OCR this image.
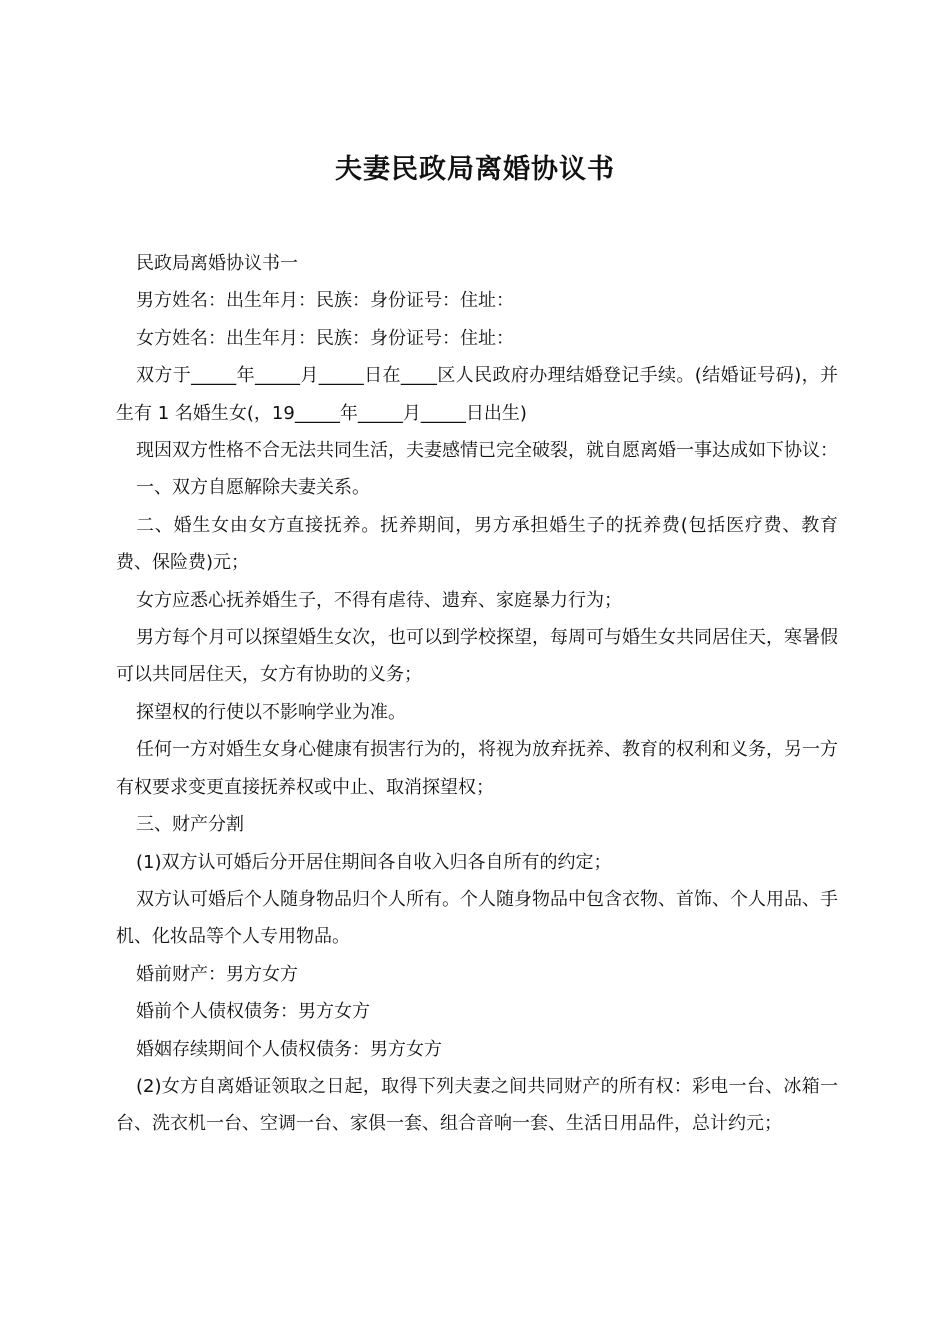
夫妻民政局离婚协议书

民政局离婚协议书一

男方姓名：出生年月：民族：身份证号：住址：

女方姓名：出生年月：民族：身份证号：住址：

双方于_____年_____月_____日在____区人民政府办理结婚登记手续。(结婚证号码)，并生有 1 名婚生女(，19_____年_____月_____日出生)

现因双方性格不合无法共同生活，夫妻感情已完全破裂，就自愿离婚一事达成如下协议：

一、双方自愿解除夫妻关系。

二、婚生女由女方直接抚养。抚养期间，男方承担婚生子的抚养费(包括医疗费、教育费、保险费)元；

女方应悉心抚养婚生子，不得有虐待、遗弃、家庭暴力行为；

男方每个月可以探望婚生女次，也可以到学校探望，每周可与婚生女共同居住天，寒暑假可以共同居住天，女方有协助的义务；

探望权的行使以不影响学业为准。

任何一方对婚生女身心健康有损害行为的，将视为放弃抚养、教育的权利和义务，另一方有权要求变更直接抚养权或中止、取消探望权；

三、财产分割

(1)双方认可婚后分开居住期间各自收入归各自所有的约定；

双方认可婚后个人随身物品归个人所有。个人随身物品中包含衣物、首饰、个人用品、手机、化妆品等个人专用物品。

婚前财产：男方女方

婚前个人债权债务：男方女方

婚姻存续期间个人债权债务：男方女方

(2)女方自离婚证领取之日起，取得下列夫妻之间共同财产的所有权：彩电一台、冰箱一台、洗衣机一台、空调一台、家俱一套、组合音响一套、生活日用品件，总计约元；
